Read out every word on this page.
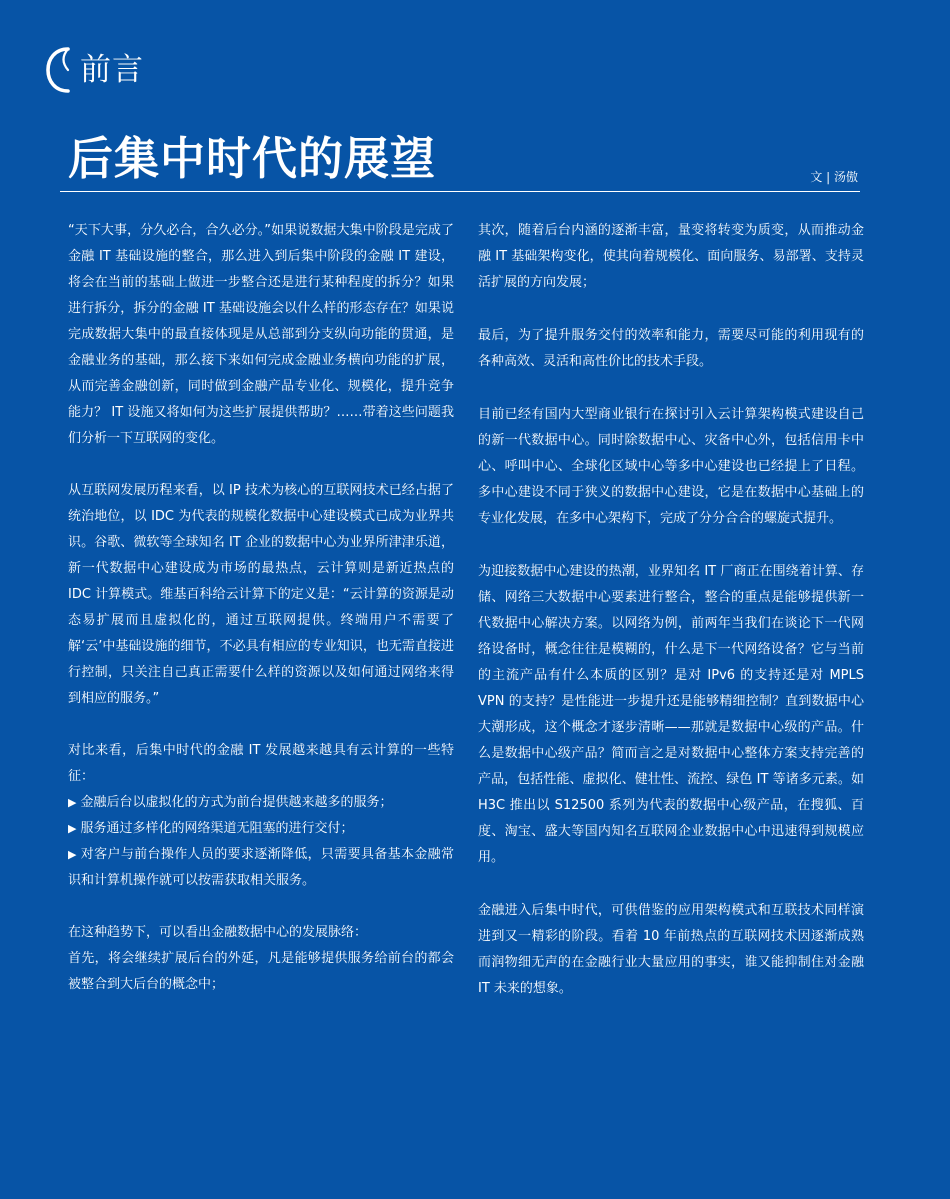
前言
后集中时代的展望	文 | 汤傲

“天下大事，分久必合，合久必分。”如果说数据大集中阶段是完成了金融 IT 基础设施的整合，那么进入到后集中阶段的金融 IT 建设，将会在当前的基础上做进一步整合还是进行某种程度的拆分？如果进行拆分，拆分的金融 IT 基础设施会以什么样的形态存在？如果说完成数据大集中的最直接体现是从总部到分支纵向功能的贯通，是金融业务的基础，那么接下来如何完成金融业务横向功能的扩展，从而完善金融创新，同时做到金融产品专业化、规模化，提升竞争能力？ IT 设施又将如何为这些扩展提供帮助？……带着这些问题我们分析一下互联网的变化。

从互联网发展历程来看，以 IP 技术为核心的互联网技术已经占据了统治地位，以 IDC 为代表的规模化数据中心建设模式已成为业界共识。谷歌、微软等全球知名 IT 企业的数据中心为业界所津津乐道，新一代数据中心建设成为市场的最热点，云计算则是新近热点的 IDC 计算模式。维基百科给云计算下的定义是：“云计算的资源是动态易扩展而且虚拟化的，通过互联网提供。终端用户不需要了解‘云’中基础设施的细节，不必具有相应的专业知识，也无需直接进行控制，只关注自己真正需要什么样的资源以及如何通过网络来得到相应的服务。”

对比来看，后集中时代的金融 IT 发展越来越具有云计算的一些特征：

▶ 金融后台以虚拟化的方式为前台提供越来越多的服务；
▶ 服务通过多样化的网络渠道无阻塞的进行交付；
▶ 对客户与前台操作人员的要求逐渐降低，只需要具备基本金融常识和计算机操作就可以按需获取相关服务。

在这种趋势下，可以看出金融数据中心的发展脉络：

首先，将会继续扩展后台的外延，凡是能够提供服务给前台的都会被整合到大后台的概念中；

其次，随着后台内涵的逐渐丰富，量变将转变为质变，从而推动金融 IT 基础架构变化，使其向着规模化、面向服务、易部署、支持灵活扩展的方向发展；

最后，为了提升服务交付的效率和能力，需要尽可能的利用现有的各种高效、灵活和高性价比的技术手段。

目前已经有国内大型商业银行在探讨引入云计算架构模式建设自己的新一代数据中心。同时除数据中心、灾备中心外，包括信用卡中心、呼叫中心、全球化区域中心等多中心建设也已经提上了日程。多中心建设不同于狭义的数据中心建设，它是在数据中心基础上的专业化发展，在多中心架构下，完成了分分合合的螺旋式提升。

为迎接数据中心建设的热潮，业界知名 IT 厂商正在围绕着计算、存储、网络三大数据中心要素进行整合，整合的重点是能够提供新一代数据中心解决方案。以网络为例，前两年当我们在谈论下一代网络设备时，概念往往是模糊的，什么是下一代网络设备？它与当前的主流产品有什么本质的区别？是对 IPv6 的支持还是对 MPLS VPN 的支持？是性能进一步提升还是能够精细控制？直到数据中心大潮形成，这个概念才逐步清晰——那就是数据中心级的产品。什么是数据中心级产品？简而言之是对数据中心整体方案支持完善的产品，包括性能、虚拟化、健壮性、流控、绿色 IT 等诸多元素。如 H3C 推出以 S12500 系列为代表的数据中心级产品，在搜狐、百度、淘宝、盛大等国内知名互联网企业数据中心中迅速得到规模应用。

金融进入后集中时代，可供借鉴的应用架构模式和互联技术同样演进到又一精彩的阶段。看着 10 年前热点的互联网技术因逐渐成熟而润物细无声的在金融行业大量应用的事实，谁又能抑制住对金融 IT 未来的想象。
